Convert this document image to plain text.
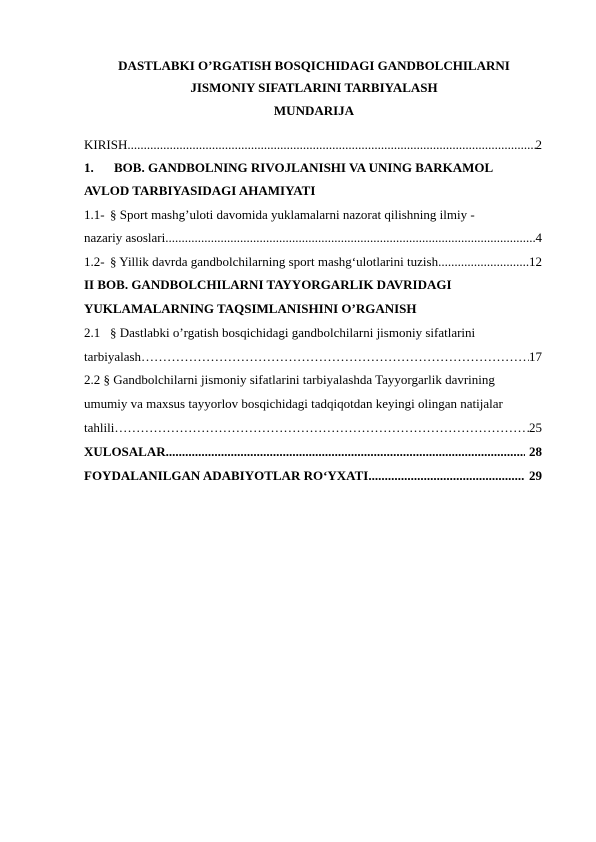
DASTLABKI O’RGATISH BOSQICHIDAGI GANDBOLCHILARNI
JISMONIY SIFATLARINI TARBIYALASH
MUNDARIJA
KIRISH .....	2
1. BOB. GANDBOLNING RIVOJLANISHI VA UNING BARKAMOL
AVLOD TARBIYASIDAGI AHAMIYATI
1.1- § Sport mashg’uloti davomida yuklamalarni nazorat qilishning ilmiy -
nazariy asoslari .....	4
1.2- § Yillik davrda gandbolchilarning sport mashg‘ulotlarini tuzish .....	12
II BOB. GANDBOLCHILARNI TAYYORGARLIK DAVRIDAGI
YUKLAMALARNING TAQSIMLANISHINI O’RGANISH
2.1 § Dastlabki o’rgatish bosqichidagi gandbolchilarni jismoniy sifatlarini
tarbiyalash ……………………………………………………………………………………………………………………………………………………………………………………………	17
2.2 § Gandbolchilarni jismoniy sifatlarini tarbiyalashda Tayyorgarlik davrining
umumiy va maxsus tayyorlov bosqichidagi tadqiqotdan keyingi olingan natijalar
tahlili ……………………………………………………………………………………………………………………………………………………………………………………………	25
XULOSALAR .....	28
FOYDALANILGAN ADABIYOTLAR RO‘YXATI .....	29
